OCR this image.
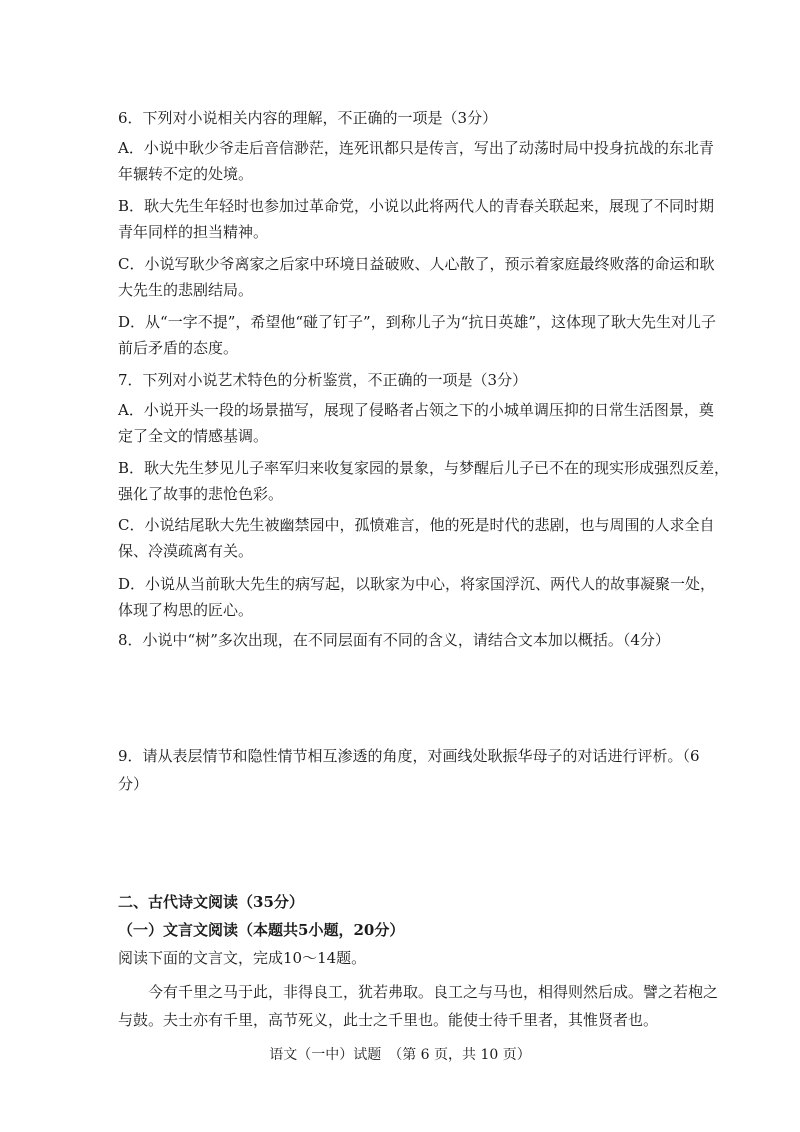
6．下列对小说相关内容的理解，不正确的一项是（3分）
A．小说中耿少爷走后音信渺茫，连死讯都只是传言，写出了动荡时局中投身抗战的东北青
年辗转不定的处境。
B．耿大先生年轻时也参加过革命党，小说以此将两代人的青春关联起来，展现了不同时期
青年同样的担当精神。
C．小说写耿少爷离家之后家中环境日益破败、人心散了，预示着家庭最终败落的命运和耿
大先生的悲剧结局。
D．从“一字不提”，希望他“碰了钉子”，到称儿子为“抗日英雄”，这体现了耿大先生对儿子
前后矛盾的态度。
7．下列对小说艺术特色的分析鉴赏，不正确的一项是（3分）
A．小说开头一段的场景描写，展现了侵略者占领之下的小城单调压抑的日常生活图景，奠
定了全文的情感基调。
B．耿大先生梦见儿子率军归来收复家园的景象，与梦醒后儿子已不在的现实形成强烈反差，
强化了故事的悲怆色彩。
C．小说结尾耿大先生被幽禁园中，孤愤难言，他的死是时代的悲剧，也与周围的人求全自
保、冷漠疏离有关。
D．小说从当前耿大先生的病写起，以耿家为中心，将家国浮沉、两代人的故事凝聚一处，
体现了构思的匠心。
8．小说中“树”多次出现，在不同层面有不同的含义，请结合文本加以概括。（4分）
9．请从表层情节和隐性情节相互渗透的角度，对画线处耿振华母子的对话进行评析。（6
分）
二、古代诗文阅读（35分）
（一）文言文阅读（本题共5小题，20分）
阅读下面的文言文，完成10～14题。
今有千里之马于此，非得良工，犹若弗取。良工之与马也，相得则然后成。譬之若枹之
与鼓。夫士亦有千里，高节死义，此士之千里也。能使士待千里者，其惟贤者也。
语文（一中）试题　（第 6 页，共 10 页）
